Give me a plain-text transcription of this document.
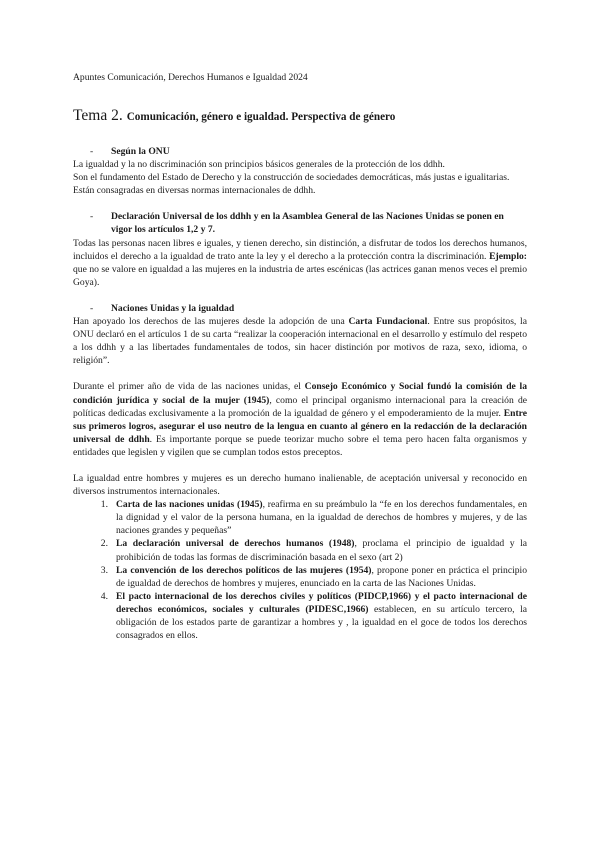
Apuntes Comunicación, Derechos Humanos e Igualdad 2024
Tema 2. Comunicación, género e igualdad. Perspectiva de género
-	Según la ONU

La igualdad y la no discriminación son principios básicos generales de la protección de los ddhh.

Son el fundamento del Estado de Derecho y la construcción de sociedades democráticas, más justas e igualitarias. Están consagradas en diversas normas internacionales de ddhh.

-	Declaración Universal de los ddhh y en la Asamblea General de las Naciones Unidas se ponen en vigor los artículos 1,2 y 7.

Todas las personas nacen libres e iguales, y tienen derecho, sin distinción, a disfrutar de todos los derechos humanos, incluidos el derecho a la igualdad de trato ante la ley y el derecho a la protección contra la discriminación. Ejemplo: que no se valore en igualdad a las mujeres en la industria de artes escénicas (las actrices ganan menos veces el premio Goya).

-	Naciones Unidas y la igualdad

Han apoyado los derechos de las mujeres desde la adopción de una Carta Fundacional. Entre sus propósitos, la ONU declaró en el artículos 1 de su carta “realizar la cooperación internacional en el desarrollo y estímulo del respeto a los ddhh y a las libertades fundamentales de todos, sin hacer distinción por motivos de raza, sexo, idioma, o religión”.

Durante el primer año de vida de las naciones unidas, el Consejo Económico y Social fundó la comisión de la condición jurídica y social de la mujer (1945), como el principal organismo internacional para la creación de políticas dedicadas exclusivamente a la promoción de la igualdad de género y el empoderamiento de la mujer. Entre sus primeros logros, asegurar el uso neutro de la lengua en cuanto al género en la redacción de la declaración universal de ddhh. Es importante porque se puede teorizar mucho sobre el tema pero hacen falta organismos y entidades que legislen y vigilen que se cumplan todos estos preceptos.

La igualdad entre hombres y mujeres es un derecho humano inalienable, de aceptación universal y reconocido en diversos instrumentos internacionales.

1. Carta de las naciones unidas (1945), reafirma en su preámbulo la “fe en los derechos fundamentales, en la dignidad y el valor de la persona humana, en la igualdad de derechos de hombres y mujeres, y de las naciones grandes y pequeñas”
2. La declaración universal de derechos humanos (1948), proclama el principio de igualdad y la prohibición de todas las formas de discriminación basada en el sexo (art 2)
3. La convención de los derechos políticos de las mujeres (1954), propone poner en práctica el principio de igualdad de derechos de hombres y mujeres, enunciado en la carta de las Naciones Unidas.
4. El pacto internacional de los derechos civiles y políticos (PIDCP,1966) y el pacto internacional de derechos económicos, sociales y culturales (PIDESC,1966) establecen, en su artículo tercero, la obligación de los estados parte de garantizar a hombres y , la igualdad en el goce de todos los derechos consagrados en ellos.
